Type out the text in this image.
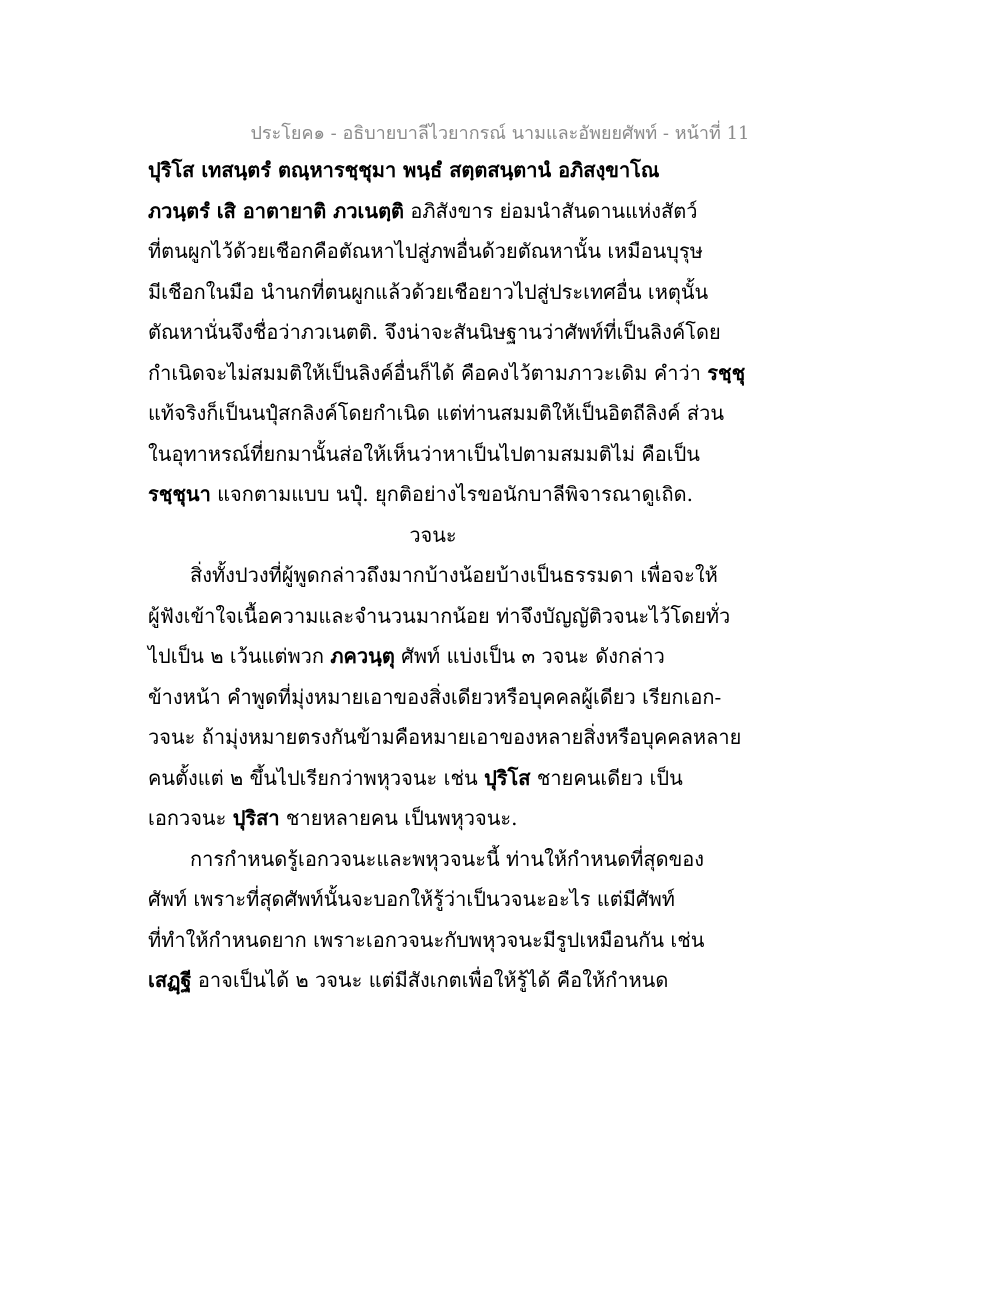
ประโยค๑ - อธิบายบาลีไวยากรณ์ นามและอัพยยศัพท์ - หน้าที่ 11
ปุริโส เทสนฺตรํ ตณฺหารชฺชุมา พนฺธํ สตฺตสนฺตานํ อภิสงฺขาโณ
ภวนฺตรํ เสิ อาตายาติ ภวเนตฺติ อภิสังขาร ย่อมนำสันดานแห่งสัตว์
ที่ตนผูกไว้ด้วยเชือกคือตัณหาไปสู่ภพอื่นด้วยตัณหานั้น เหมือนบุรุษ
มีเชือกในมือ นำนกที่ตนผูกแล้วด้วยเชือยาวไปสู่ประเทศอื่น เหตุนั้น
ตัณหานั่นจึงชื่อว่าภวเนตติ. จึงน่าจะสันนิษฐานว่าศัพท์ที่เป็นลิงค์โดย
กำเนิดจะไม่สมมติให้เป็นลิงค์อื่นก็ได้ คือคงไว้ตามภาวะเดิม คำว่า รชฺชุ
แท้จริงก็เป็นนปุํสกลิงค์โดยกำเนิด แต่ท่านสมมติให้เป็นอิตถีลิงค์ ส่วน
ในอุทาหรณ์ที่ยกมานั้นส่อให้เห็นว่าหาเป็นไปตามสมมติไม่ คือเป็น
รชฺชุนา แจกตามแบบ นปุํ. ยุกติอย่างไรขอนักบาลีพิจารณาดูเถิด.
วจนะ
สิ่งทั้งปวงที่ผู้พูดกล่าวถึงมากบ้างน้อยบ้างเป็นธรรมดา เพื่อจะให้
ผู้ฟังเข้าใจเนื้อความและจำนวนมากน้อย ท่าจึงบัญญัติวจนะไว้โดยทั่ว
ไปเป็น ๒ เว้นแต่พวก ภควนฺตุ ศัพท์ แบ่งเป็น ๓ วจนะ ดังกล่าว
ข้างหน้า คำพูดที่มุ่งหมายเอาของสิ่งเดียวหรือบุคคลผู้เดียว เรียกเอก-
วจนะ ถ้ามุ่งหมายตรงกันข้ามคือหมายเอาของหลายสิ่งหรือบุคคลหลาย
คนตั้งแต่ ๒ ขึ้นไปเรียกว่าพหุวจนะ เช่น ปุริโส ชายคนเดียว เป็น
เอกวจนะ ปุริสา ชายหลายคน เป็นพหุวจนะ.
การกำหนดรู้เอกวจนะและพหุวจนะนี้ ท่านให้กำหนดที่สุดของ
ศัพท์ เพราะที่สุดศัพท์นั้นจะบอกให้รู้ว่าเป็นวจนะอะไร แต่มีศัพท์
ที่ทำให้กำหนดยาก เพราะเอกวจนะกับพหุวจนะมีรูปเหมือนกัน เช่น
เสฏฺฐี อาจเป็นได้ ๒ วจนะ แต่มีสังเกตเพื่อให้รู้ได้ คือให้กำหนด
